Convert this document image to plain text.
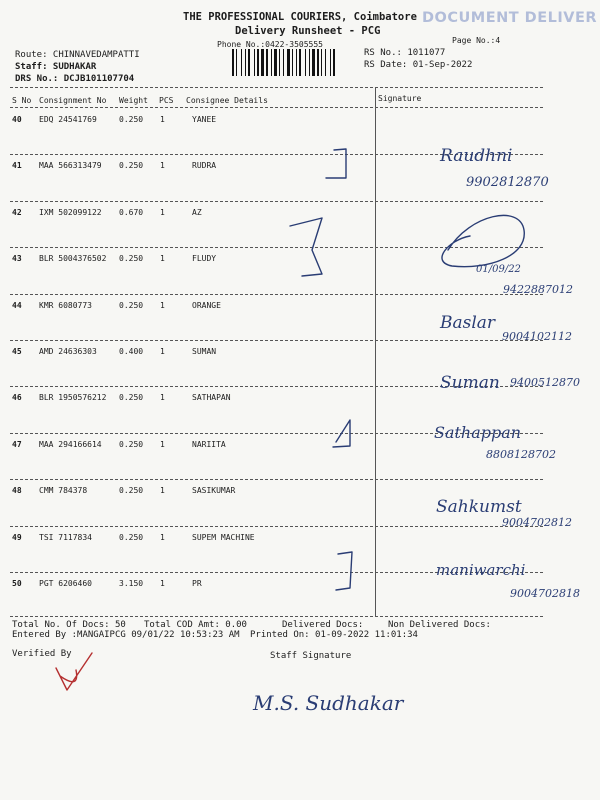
THE PROFESSIONAL COURIERS, Coimbatore
Delivery Runsheet - PCG
Phone No.:0422-3505555
DOCUMENT DELIVER
Page No.:4
Route: CHINNAVEDAMPATTI
Staff: SUDHAKAR
DRS No.: DCJB101107704
RS No.: 1011077
RS Date: 01-Sep-2022
S No Consignment No Weight PCS Consignee Details	Signature
40 EDQ 24541769	0.250 1	YANEE
41 MAA 566313479 0.250 1	RUDRA
42 IXM 502099122 0.670 1	AZ
43 BLR 5004376502 0.250 1	FLUDY
44 KMR 6080773	0.250 1	ORANGE
45 AMD 24636303	0.400 1	SUMAN
46 BLR 1950576212 0.250 1	SATHAPAN
47 MAA 294166614 0.250 1	NARIITA
48 CMM 784378	0.250 1	SASIKUMAR
49 TSI 7117834	0.250 1	SUPEM MACHINE
50 PGT 6206460	3.150 1	PR
Raudhni
9902812870
01/09/22
9422887012
Baslar
9004102112
Suman 9400512870
Sathappan
8808128702
Sahkumst
9004702812
maniwarchi
9004702818
M.S. Sudhakar
Total No. Of Docs: 50 Total COD Amt: 0.00	Delivered Docs:	Non Delivered Docs:
Entered By :MANGAIPCG 09/01/22 10:53:23 AM Printed On: 01-09-2022 11:01:34
Verified By	Staff Signature
